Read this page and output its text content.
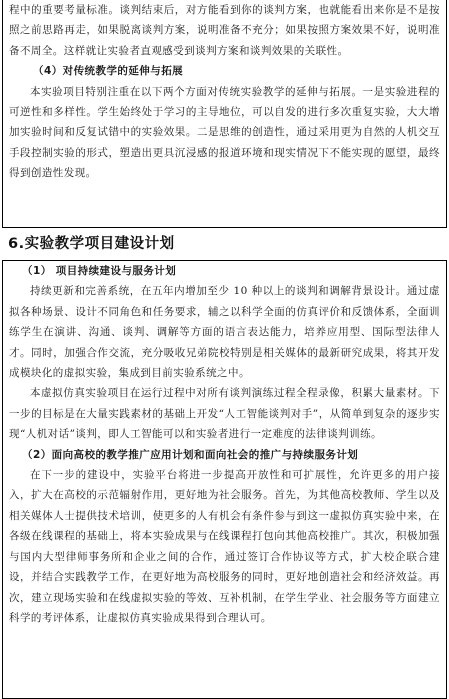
程中的重要考量标准。谈判结束后，对方能看到你的谈判方案，也就能看出来你是不是按照之前思路再走，如果脱离谈判方案，说明准备不充分；如果按照方案效果不好，说明准备不周全。这样就让实验者直观感受到谈判方案和谈判效果的关联性。

（4）对传统教学的延伸与拓展

本实验项目特别注重在以下两个方面对传统实验教学的延伸与拓展。一是实验进程的可逆性和多样性。学生始终处于学习的主导地位，可以自发的进行多次重复实验，大大增加实验时间和反复试错中的实验效果。二是思维的创造性，通过采用更为自然的人机交互手段控制实验的形式，塑造出更具沉浸感的报道环境和现实情况下不能实现的愿望，最终得到创造性发现。

6.实验教学项目建设计划

（1） 项目持续建设与服务计划

持续更新和完善系统，在五年内增加至少 10 种以上的谈判和调解背景设计。通过虚拟各种场景、设计不同角色和任务要求，辅之以科学全面的仿真评价和反馈体系，全面训练学生在演讲、沟通、谈判、调解等方面的语言表达能力，培养应用型、国际型法律人才。同时，加强合作交流，充分吸收兄弟院校特别是相关媒体的最新研究成果，将其开发成模块化的虚拟实验，集成到目前实验系统之中。

本虚拟仿真实验项目在运行过程中对所有谈判演练过程全程录像，积累大量素材。下一步的目标是在大量实践素材的基础上开发“人工智能谈判对手”，从简单到复杂的逐步实现“人机对话”谈判，即人工智能可以和实验者进行一定难度的法律谈判训练。

（2）面向高校的教学推广应用计划和面向社会的推广与持续服务计划

在下一步的建设中，实验平台将进一步提高开放性和可扩展性，允许更多的用户接入，扩大在高校的示范辐射作用，更好地为社会服务。首先，为其他高校教师、学生以及相关媒体人士提供技术培训，使更多的人有机会有条件参与到这一虚拟仿真实验中来，在各级在线课程的基础上，将本实验成果与在线课程打包向其他高校推广。其次，积极加强与国内大型律师事务所和企业之间的合作，通过签订合作协议等方式，扩大校企联合建设，并结合实践教学工作，在更好地为高校服务的同时，更好地创造社会和经济效益。再次，建立现场实验和在线虚拟实验的等效、互补机制，在学生学业、社会服务等方面建立科学的考评体系，让虚拟仿真实验成果得到合理认可。
